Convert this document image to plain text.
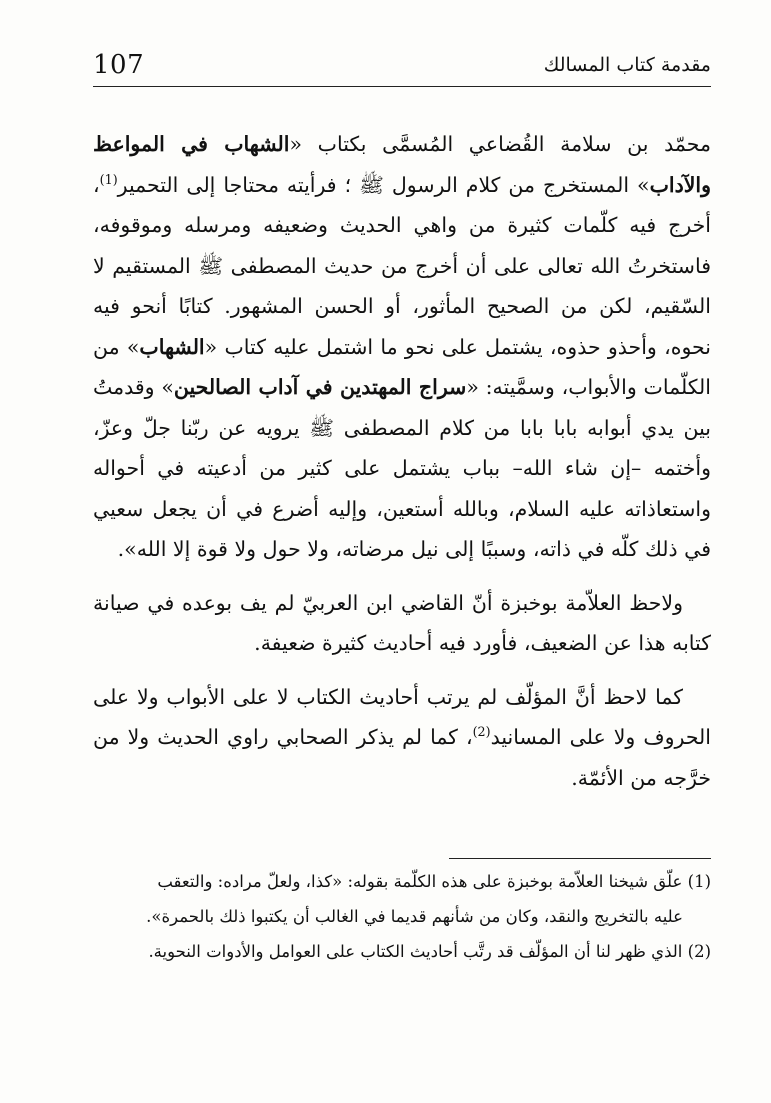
107	مقدمة كتاب المسالك

محمّد بن سلامة القُضاعي المُسمَّى بكتاب «الشهاب في المواعظ والآداب» المستخرج من كلام الرسول ﷺ ؛ فرأيته محتاجا إلى التحمير$^{(1)}$، أخرج فيه كلّمات كثيرة من واهي الحديث وضعيفه ومرسله وموقوفه، فاستخرتُ الله تعالى على أن أخرج من حديث المصطفى ﷺ المستقيم لا السّقيم، لكن من الصحيح المأثور، أو الحسن المشهور. كتابًا أنحو فيه نحوه، وأحذو حذوه، يشتمل على نحو ما اشتمل عليه كتاب «الشهاب» من الكلّمات والأبواب، وسمَّيته: «سراج المهتدين في آداب الصالحين» وقدمتُ بين يدي أبوابه بابا بابا من كلام المصطفى ﷺ يرويه عن ربّنا جلّ وعزّ، وأختمه –إن شاء الله– بباب يشتمل على كثير من أدعيته في أحواله واستعاذاته عليه السلام، وبالله أستعين، وإليه أضرع في أن يجعل سعيي في ذلك كلّه في ذاته، وسببًا إلى نيل مرضاته، ولا حول ولا قوة إلا الله».

ولاحظ العلاّمة بوخبزة أنّ القاضي ابن العربيّ لم يف بوعده في صيانة كتابه هذا عن الضعيف، فأورد فيه أحاديث كثيرة ضعيفة.

كما لاحظ أنَّ المؤلّف لم يرتب أحاديث الكتاب لا على الأبواب ولا على الحروف ولا على المسانيد$^{(2)}$، كما لم يذكر الصحابي راوي الحديث ولا من خرَّجه من الأئمّة.

(1) علّق شيخنا العلاّمة بوخبزة على هذه الكلّمة بقوله: «كذا، ولعلّ مراده: والتعقب

عليه بالتخريج والنقد، وكان من شأنهم قديما في الغالب أن يكتبوا ذلك بالحمرة».

(2) الذي ظهر لنا أن المؤلّف قد رتَّب أحاديث الكتاب على العوامل والأدوات النحوية.
